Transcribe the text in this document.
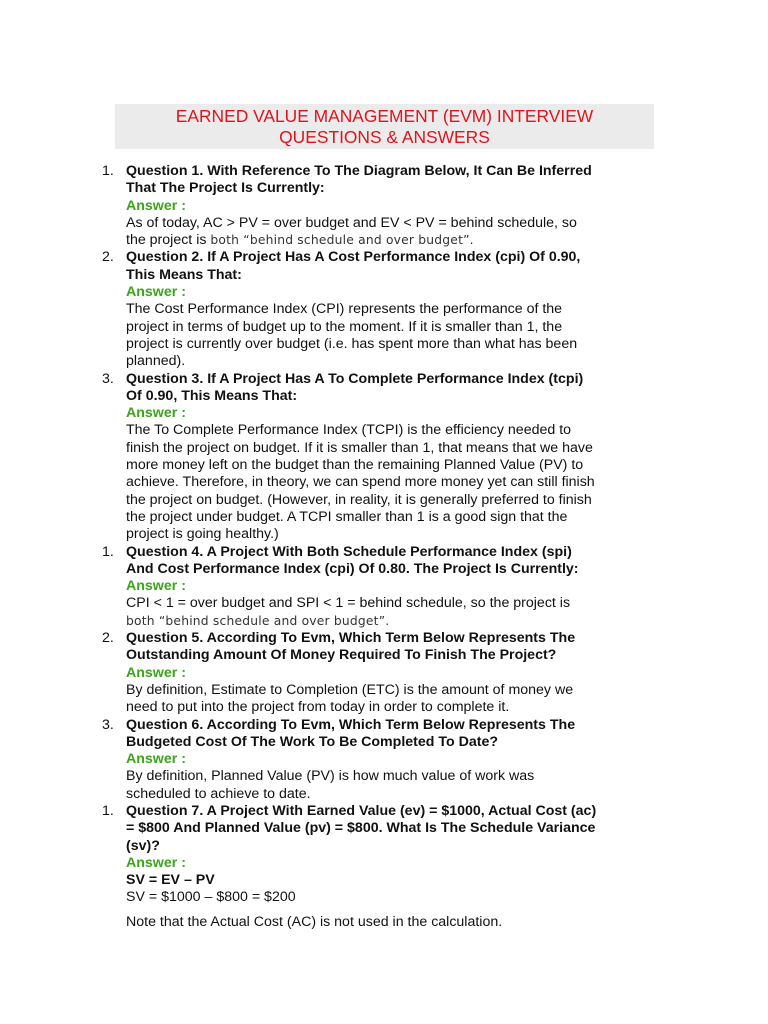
EARNED VALUE MANAGEMENT (EVM) INTERVIEW
QUESTIONS & ANSWERS
1. Question 1. With Reference To The Diagram Below, It Can Be Inferred
That The Project Is Currently:
Answer :
As of today, AC > PV = over budget and EV < PV = behind schedule, so
the project is both “behind schedule and over budget”.
2. Question 2. If A Project Has A Cost Performance Index (cpi) Of 0.90,
This Means That:
Answer :
The Cost Performance Index (CPI) represents the performance of the
project in terms of budget up to the moment. If it is smaller than 1, the
project is currently over budget (i.e. has spent more than what has been
planned).
3. Question 3. If A Project Has A To Complete Performance Index (tcpi)
Of 0.90, This Means That:
Answer :
The To Complete Performance Index (TCPI) is the efficiency needed to
finish the project on budget. If it is smaller than 1, that means that we have
more money left on the budget than the remaining Planned Value (PV) to
achieve. Therefore, in theory, we can spend more money yet can still finish
the project on budget. (However, in reality, it is generally preferred to finish
the project under budget. A TCPI smaller than 1 is a good sign that the
project is going healthy.)
1. Question 4. A Project With Both Schedule Performance Index (spi)
And Cost Performance Index (cpi) Of 0.80. The Project Is Currently:
Answer :
CPI < 1 = over budget and SPI < 1 = behind schedule, so the project is
both “behind schedule and over budget”.
2. Question 5. According To Evm, Which Term Below Represents The
Outstanding Amount Of Money Required To Finish The Project?
Answer :
By definition, Estimate to Completion (ETC) is the amount of money we
need to put into the project from today in order to complete it.
3. Question 6. According To Evm, Which Term Below Represents The
Budgeted Cost Of The Work To Be Completed To Date?
Answer :
By definition, Planned Value (PV) is how much value of work was
scheduled to achieve to date.
1. Question 7. A Project With Earned Value (ev) = $1000, Actual Cost (ac)
= $800 And Planned Value (pv) = $800. What Is The Schedule Variance
(sv)?
Answer :
SV = EV – PV
SV = $1000 – $800 = $200
Note that the Actual Cost (AC) is not used in the calculation.
